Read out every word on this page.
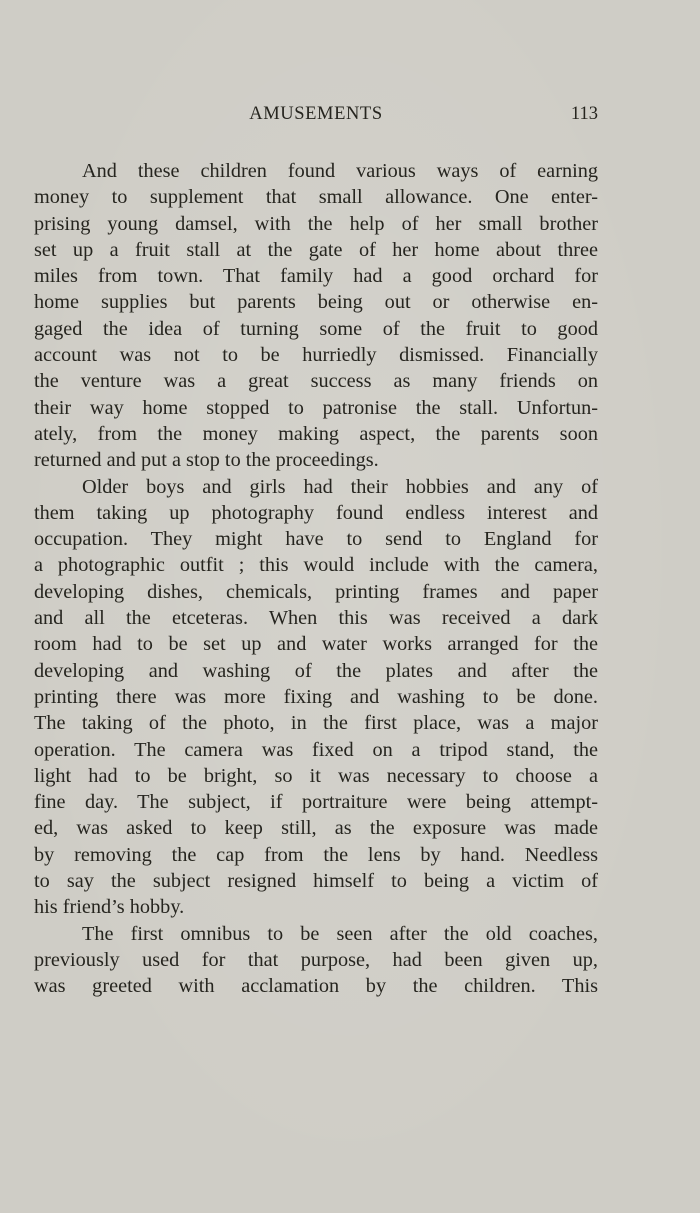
AMUSEMENTS	113
And these children found various ways of earning
money to supplement that small allowance. One enter-
prising young damsel, with the help of her small brother
set up a fruit stall at the gate of her home about three
miles from town. That family had a good orchard for
home supplies but parents being out or otherwise en-
gaged the idea of turning some of the fruit to good
account was not to be hurriedly dismissed. Financially
the venture was a great success as many friends on
their way home stopped to patronise the stall. Unfortun-
ately, from the money making aspect, the parents soon
returned and put a stop to the proceedings.
Older boys and girls had their hobbies and any of
them taking up photography found endless interest and
occupation. They might have to send to England for
a photographic outfit ; this would include with the camera,
developing dishes, chemicals, printing frames and paper
and all the etceteras. When this was received a dark
room had to be set up and water works arranged for the
developing and washing of the plates and after the
printing there was more fixing and washing to be done.
The taking of the photo, in the first place, was a major
operation. The camera was fixed on a tripod stand, the
light had to be bright, so it was necessary to choose a
fine day. The subject, if portraiture were being attempt-
ed, was asked to keep still, as the exposure was made
by removing the cap from the lens by hand. Needless
to say the subject resigned himself to being a victim of
his friend’s hobby.
The first omnibus to be seen after the old coaches,
previously used for that purpose, had been given up,
was greeted with acclamation by the children. This
